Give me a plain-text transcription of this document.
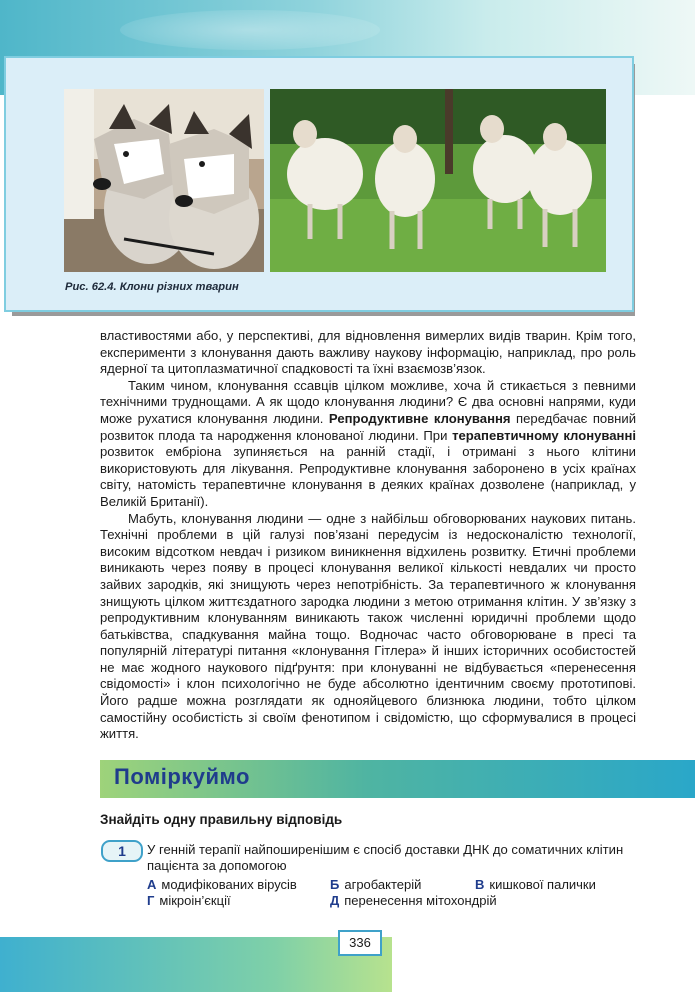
Рис. 62.4. Клони різних тварин

властивостями або, у перспективі, для відновлення вимерлих видів тварин. Крім того, експерименти з клонування дають важливу наукову інформацію, наприклад, про роль ядерної та цитоплазматичної спадковості та їхні взаємозв’язок.

Таким чином, клонування ссавців цілком можливе, хоча й стикається з певними технічними труднощами. А як щодо клонування людини? Є два основні напрями, куди може рухатися клонування людини. Репродуктивне клонування передбачає повний розвиток плода та народження клонованої людини. При терапевтичному клонуванні розвиток ембріона зупиняється на ранній стадії, і отримані з нього клітини використовують для лікування. Репродуктивне клонування заборонено в усіх країнах світу, натомість терапевтичне клонування в деяких країнах дозволене (наприклад, у Великій Британії).

Мабуть, клонування людини — одне з найбільш обговорюваних наукових питань. Технічні проблеми в цій галузі пов’язані передусім із недосконалістю технології, високим відсотком невдач і ризиком виникнення відхилень розвитку. Етичні проблеми виникають через появу в процесі клонування великої кількості невдалих чи просто зайвих зародків, які знищують через непотрібність. За терапевтичного ж клонування знищують цілком життєздатного зародка людини з метою отримання клітин. У зв’язку з репродуктивним клонуванням виникають також численні юридичні проблеми щодо батьківства, спадкування майна тощо. Водночас часто обговорюване в пресі та популярній літературі питання «клонування Гітлера» й інших історичних особистостей не має жодного наукового підґрунтя: при клонуванні не відбувається «перенесення свідомості» і клон психологічно не буде абсолютно ідентичним своєму прототипові. Його радше можна розглядати як однояйцевого близнюка людини, тобто цілком самостійну особистість зі своїм фенотипом і свідомістю, що сформувалися в процесі життя.

Поміркуймо
Знайдіть одну правильну відповідь
1	У генній терапії найпоширенішим є спосіб доставки ДНК до соматичних клітин пацієнта за допомогою
А модифікованих вірусів	Б агробактерій	В кишкової палички
Г мікроін’єкції	Д перенесення мітохондрій
336
